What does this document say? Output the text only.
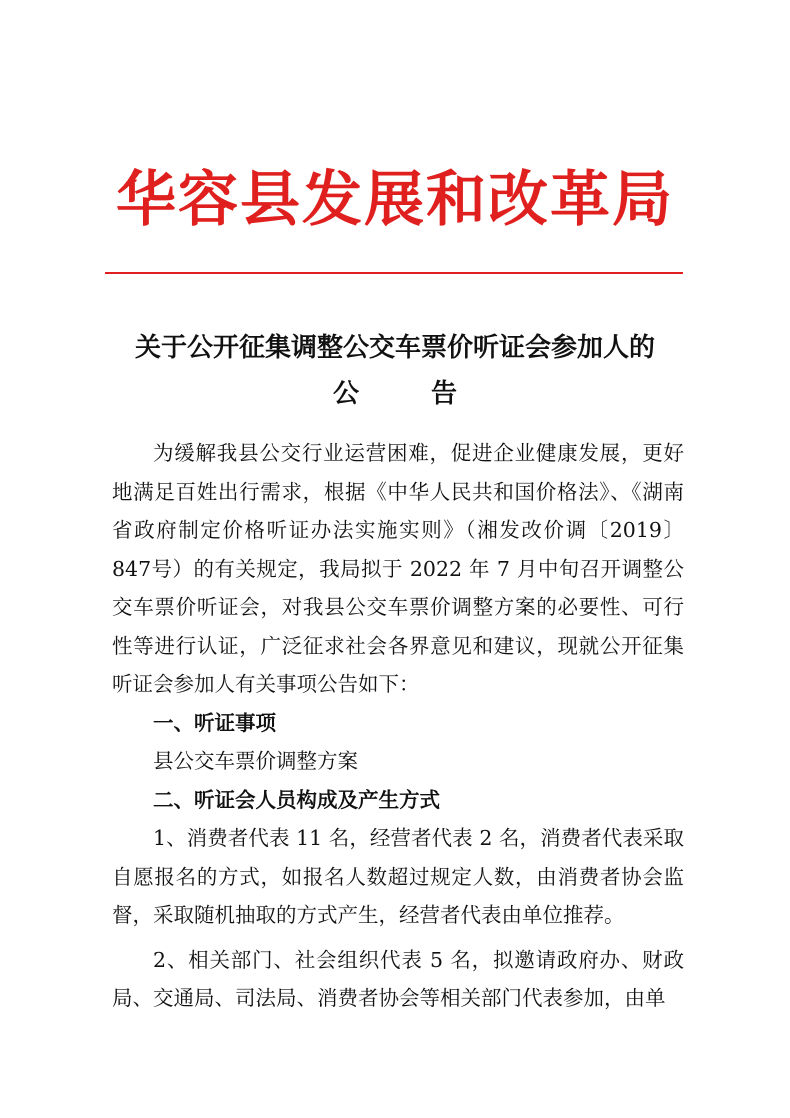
华容县发展和改革局
关于公开征集调整公交车票价听证会参加人的
公告

为缓解我县公交行业运营困难，促进企业健康发展，更好地满足百姓出行需求，根据《中华人民共和国价格法》、《湖南省政府制定价格听证办法实施实则》（湘发改价调〔2019〕847号）的有关规定，我局拟于 2022 年 7 月中旬召开调整公交车票价听证会，对我县公交车票价调整方案的必要性、可行性等进行认证，广泛征求社会各界意见和建议，现就公开征集听证会参加人有关事项公告如下：

一、听证事项

县公交车票价调整方案

二、听证会人员构成及产生方式

1、消费者代表 11 名，经营者代表 2 名，消费者代表采取自愿报名的方式，如报名人数超过规定人数，由消费者协会监督，采取随机抽取的方式产生，经营者代表由单位推荐。

2、相关部门、社会组织代表 5 名，拟邀请政府办、财政局、交通局、司法局、消费者协会等相关部门代表参加，由单
